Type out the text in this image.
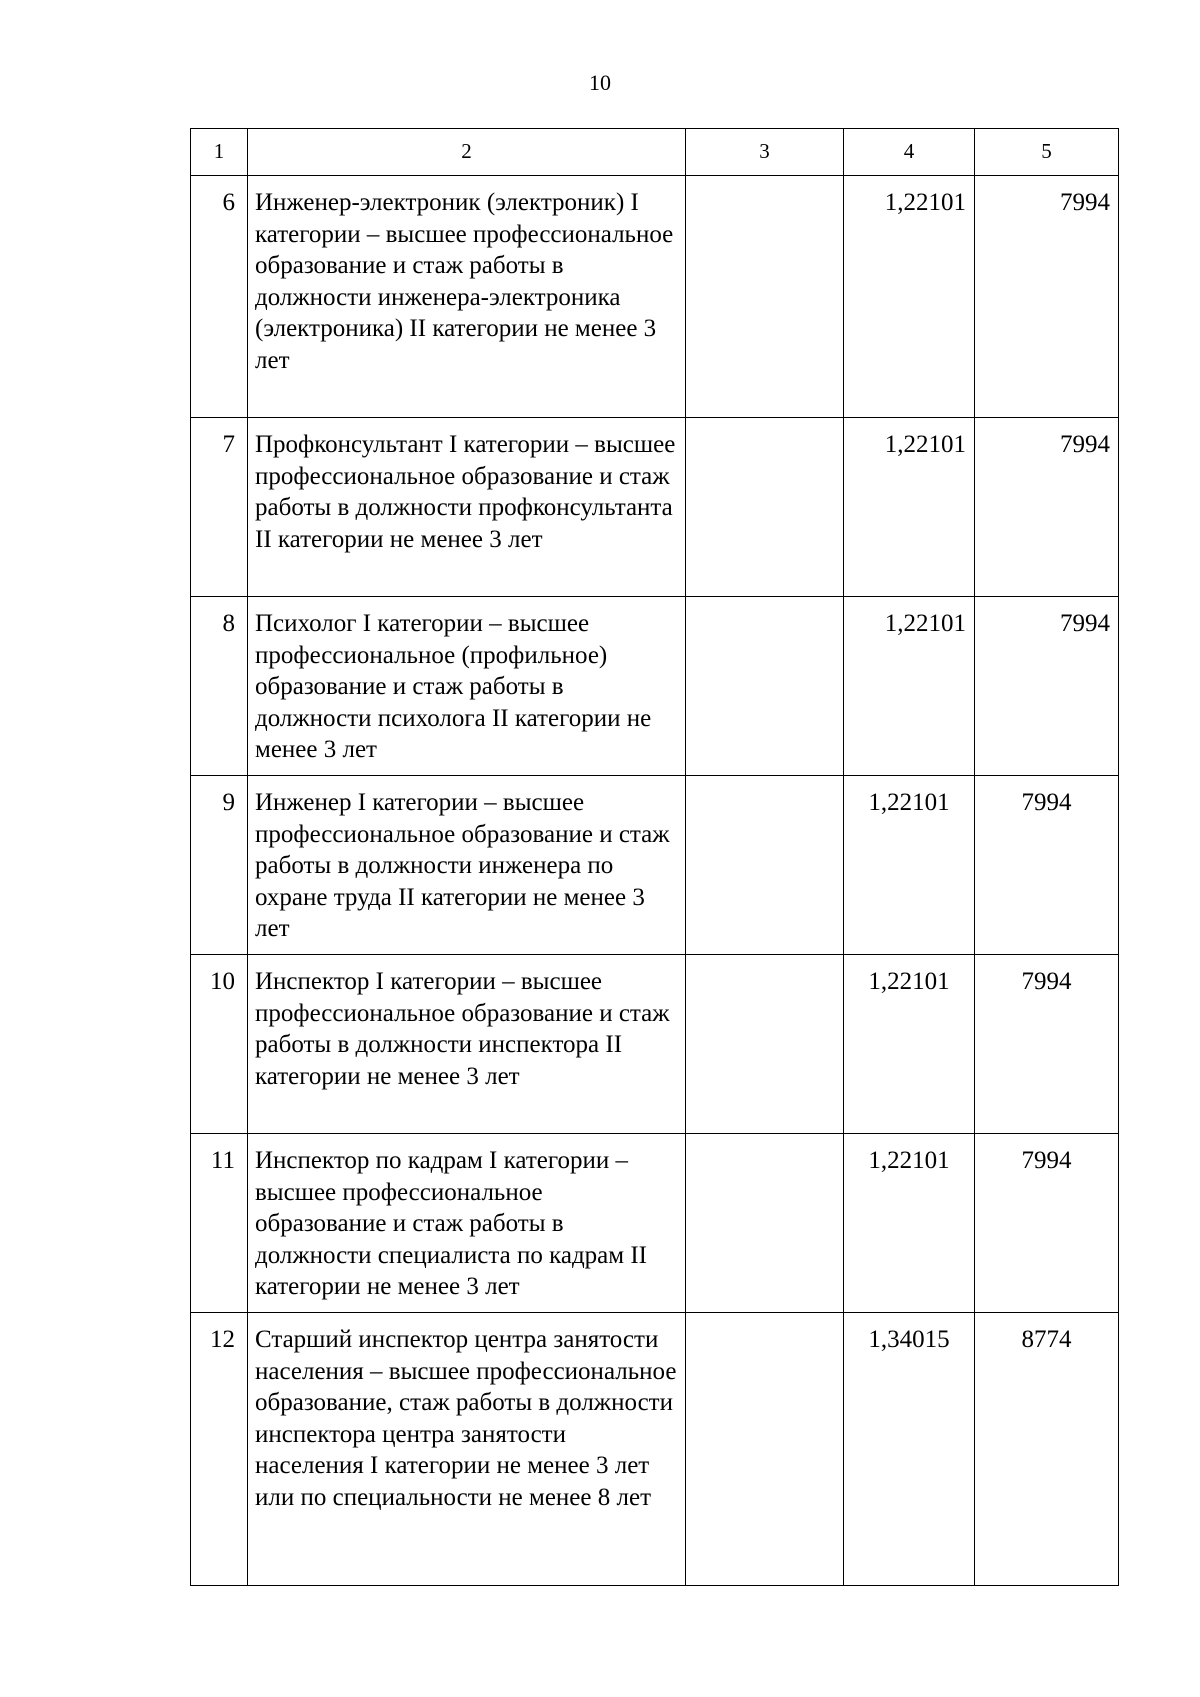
10
1	2	3	4	5
6	Инженер-электроник (электроник) I категории – высшее профессиональное образование и стаж работы в должности инженера-электроника (электроника) II категории не менее 3 лет		1,22101	7994
7	Профконсультант I категории – высшее профессиональное образование и стаж работы в должности профконсультанта II категории не менее 3 лет		1,22101	7994
8	Психолог I категории – высшее профессиональное (профильное) образование и стаж работы в должности психолога II категории не менее 3 лет		1,22101	7994
9	Инженер I категории – высшее профессиональное образование и стаж работы в должности инженера по охране труда II категории не менее 3 лет		1,22101	7994
10	Инспектор I категории – высшее профессиональное образование и стаж работы в должности инспектора II категории не менее 3 лет		1,22101	7994
11	Инспектор по кадрам I категории – высшее профессиональное образование и стаж работы в должности специалиста по кадрам II категории не менее 3 лет		1,22101	7994
12	Старший инспектор центра занятости населения – высшее профессиональное образование, стаж работы в должности инспектора центра занятости населения I категории не менее 3 лет или по специальности не менее 8 лет		1,34015	8774
